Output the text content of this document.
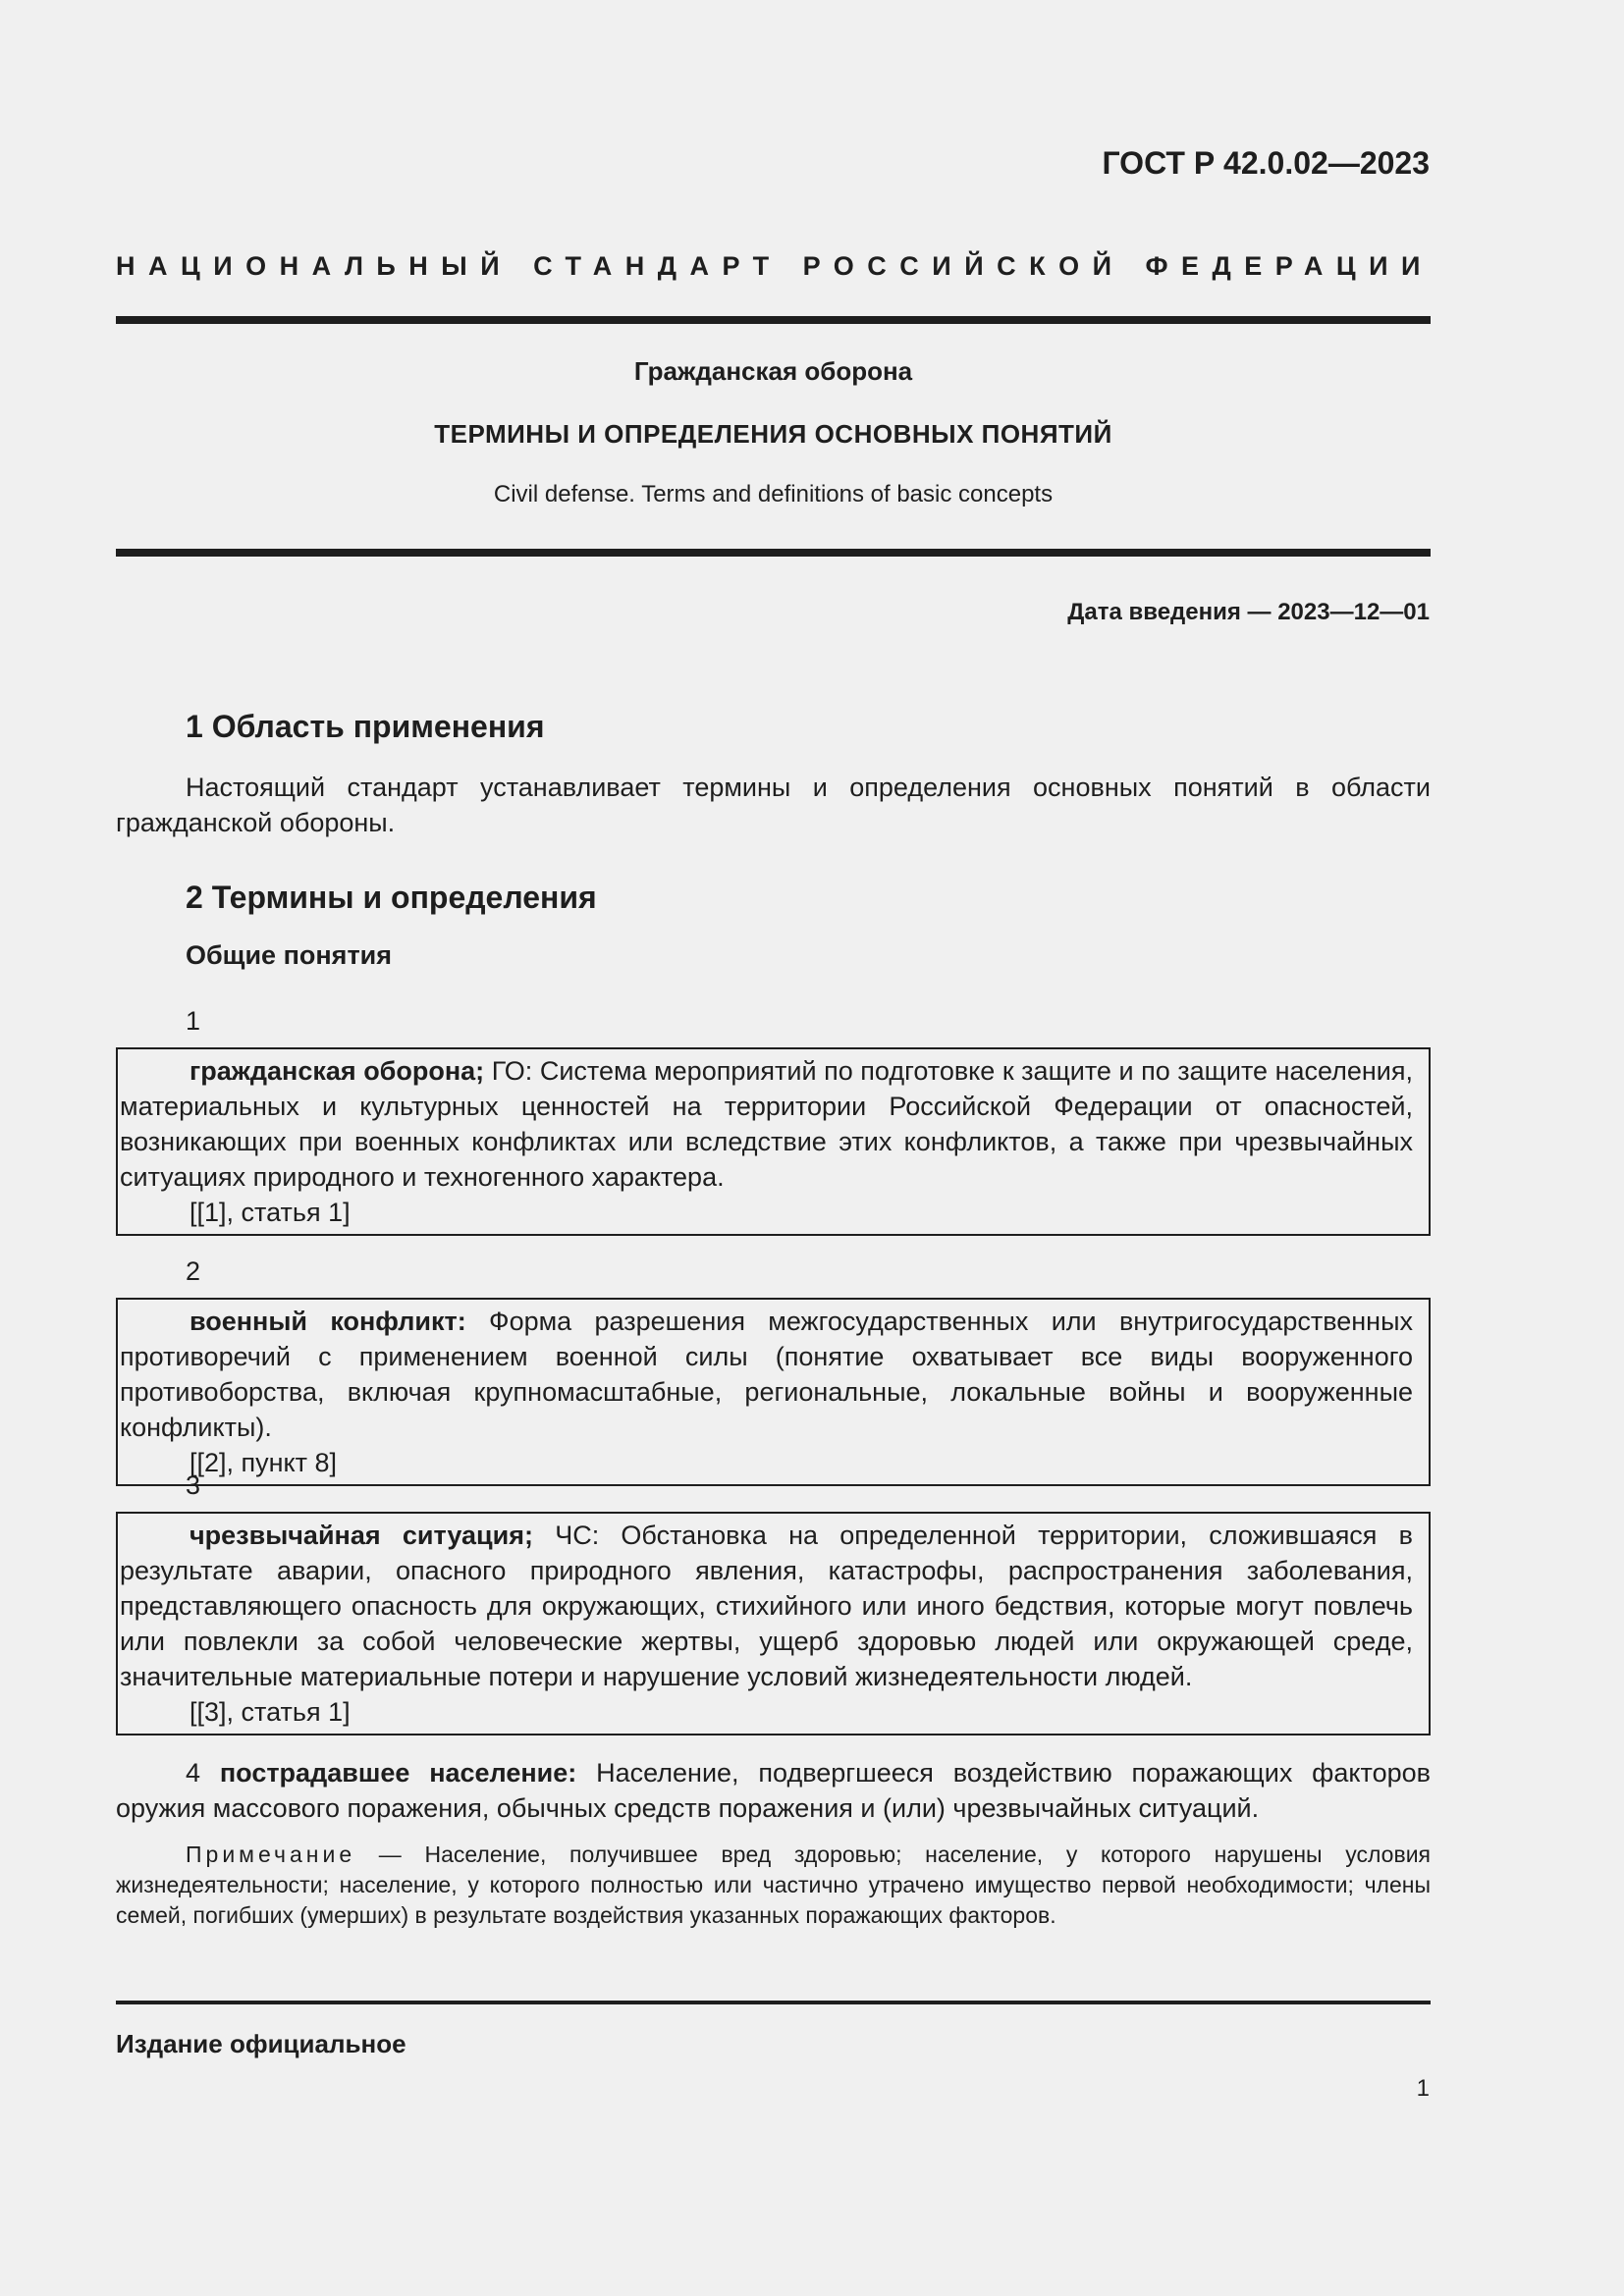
ГОСТ Р 42.0.02—2023
НАЦИОНАЛЬНЫЙ СТАНДАРТ РОССИЙСКОЙ ФЕДЕРАЦИИ
Гражданская оборона
ТЕРМИНЫ И ОПРЕДЕЛЕНИЯ ОСНОВНЫХ ПОНЯТИЙ
Civil defense. Terms and definitions of basic concepts
Дата введения — 2023—12—01
1 Область применения
Настоящий стандарт устанавливает термины и определения основных понятий в области гражданской обороны.
2 Термины и определения
Общие понятия
1
гражданская оборона; ГО: Система мероприятий по подготовке к защите и по защите населения, материальных и культурных ценностей на территории Российской Федерации от опасностей, возникающих при военных конфликтах или вследствие этих конфликтов, а также при чрезвычайных ситуациях природного и техногенного характера.
[[1], статья 1]
2
военный конфликт: Форма разрешения межгосударственных или внутригосударственных противоречий с применением военной силы (понятие охватывает все виды вооруженного противоборства, включая крупномасштабные, региональные, локальные войны и вооруженные конфликты).
[[2], пункт 8]
3
чрезвычайная ситуация; ЧС: Обстановка на определенной территории, сложившаяся в результате аварии, опасного природного явления, катастрофы, распространения заболевания, представляющего опасность для окружающих, стихийного или иного бедствия, которые могут повлечь или повлекли за собой человеческие жертвы, ущерб здоровью людей или окружающей среде, значительные материальные потери и нарушение условий жизнедеятельности людей.
[[3], статья 1]
4 пострадавшее население: Население, подвергшееся воздействию поражающих факторов оружия массового поражения, обычных средств поражения и (или) чрезвычайных ситуаций.
Примечание — Население, получившее вред здоровью; население, у которого нарушены условия жизнедеятельности; население, у которого полностью или частично утрачено имущество первой необходимости; члены семей, погибших (умерших) в результате воздействия указанных поражающих факторов.
Издание официальное
1
